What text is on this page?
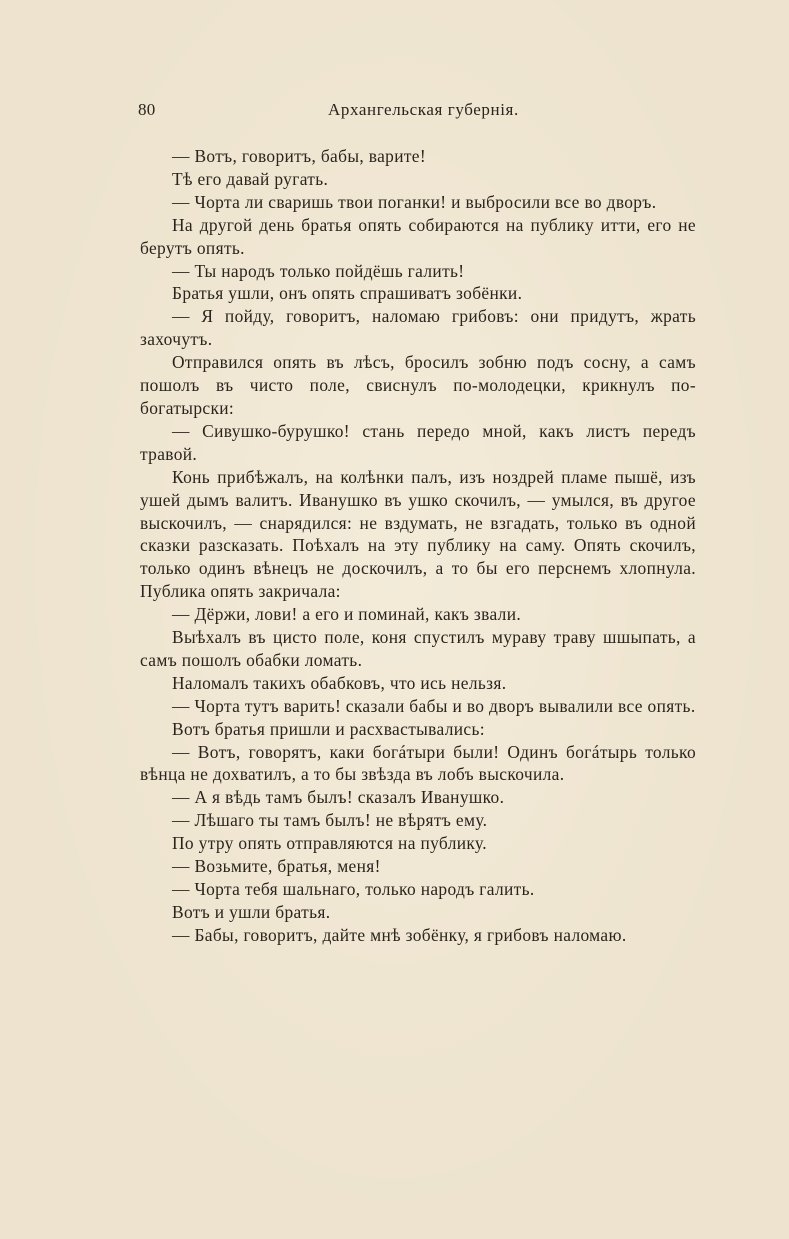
80	Архангельская губернія.

— Вотъ, говоритъ, бабы, варите!

Тѣ его давай ругать.

— Чорта ли сваришь твои поганки! и выбросили все во дворъ.

На другой день братья опять собираются на публику итти, его не берутъ опять.

— Ты народъ только пойдёшь галить!

Братья ушли, онъ опять спрашиватъ зобёнки.

— Я пойду, говоритъ, наломаю грибовъ: они придутъ, жрать захочутъ.

Отправился опять въ лѣсъ, бросилъ зобню подъ сосну, а самъ пошолъ въ чисто поле, свиснулъ по-молодецки, крикнулъ по-богатырски:

— Сивушко-бурушко! стань передо мной, какъ листъ передъ травой.

Конь прибѣжалъ, на колѣнки палъ, изъ ноздрей пламе пышё, изъ ушей дымъ валитъ. Иванушко въ ушко скочилъ, — умылся, въ другое выскочилъ, — снарядился: не вздумать, не взгадать, только въ одной сказки разсказать. Поѣхалъ на эту публику на саму. Опять скочилъ, только одинъ вѣнецъ не доскочилъ, а то бы его перснемъ хлопнула. Публика опять закричала:

— Дёржи, лови! а его и поминай, какъ звали.

Выѣхалъ въ цисто поле, коня спустилъ мураву траву шшыпать, а самъ пошолъ обабки ломать.

Наломалъ такихъ обабковъ, что ись нельзя.

— Чорта тутъ варить! сказали бабы и во дворъ вывалили все опять.

Вотъ братья пришли и расхвастывались:

— Вотъ, говорятъ, каки богáтыри были! Одинъ богáтырь только вѣнца не дохватилъ, а то бы звѣзда въ лобъ выскочила.

— А я вѣдь тамъ былъ! сказалъ Иванушко.

— Лѣшаго ты тамъ былъ! не вѣрятъ ему.

По утру опять отправляются на публику.

— Возьмите, братья, меня!

— Чорта тебя шальнаго, только народъ галить.

Вотъ и ушли братья.

— Бабы, говоритъ, дайте мнѣ зобёнку, я грибовъ наломаю.
